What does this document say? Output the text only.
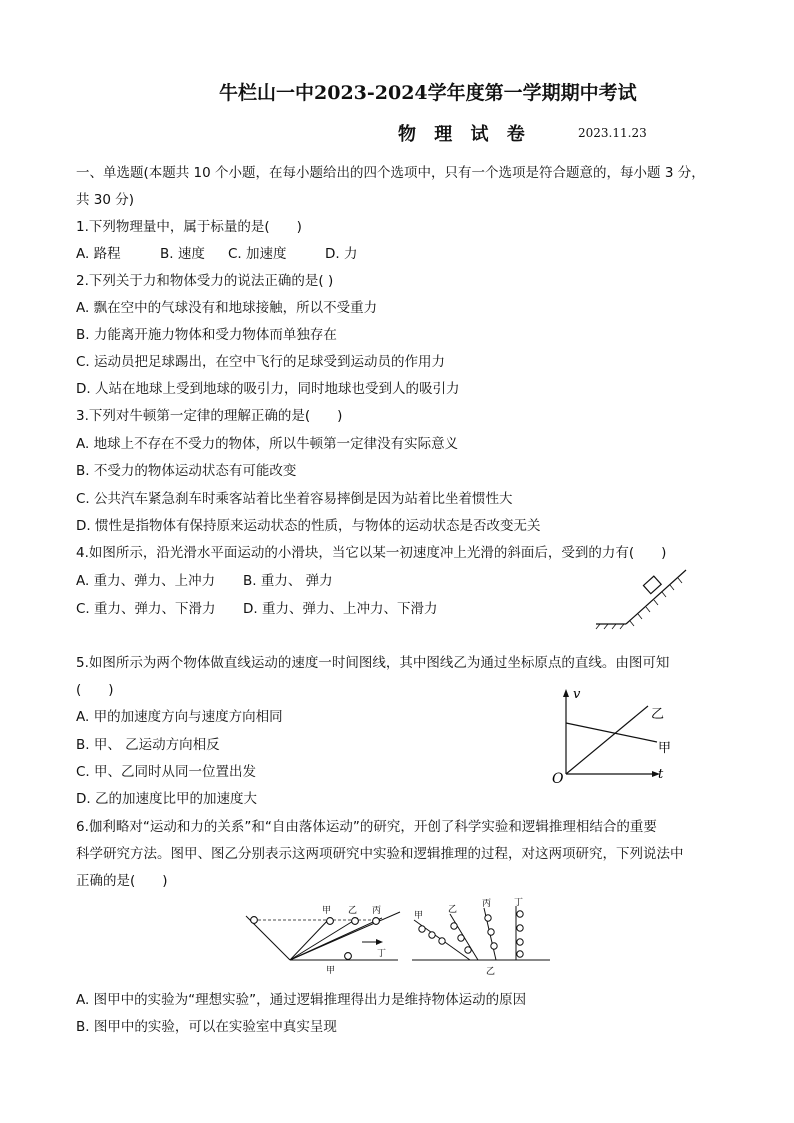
牛栏山一中2023-2024学年度第一学期期中考试
物 理 试 卷	2023.11.23
一、单选题(本题共 10 个小题，在每小题给出的四个选项中，只有一个选项是符合题意的，每小题 3 分，
共 30 分)
1.下列物理量中，属于标量的是(　　)
A. 路程	B. 速度 C. 加速度	D. 力
2.下列关于力和物体受力的说法正确的是( )
A. 飘在空中的气球没有和地球接触，所以不受重力
B. 力能离开施力物体和受力物体而单独存在
C. 运动员把足球踢出，在空中飞行的足球受到运动员的作用力
D. 人站在地球上受到地球的吸引力，同时地球也受到人的吸引力
3.下列对牛顿第一定律的理解正确的是(　　)
A. 地球上不存在不受力的物体，所以牛顿第一定律没有实际意义
B. 不受力的物体运动状态有可能改变
C. 公共汽车紧急刹车时乘客站着比坐着容易摔倒是因为站着比坐着惯性大
D. 惯性是指物体有保持原来运动状态的性质，与物体的运动状态是否改变无关
4.如图所示，沿光滑水平面运动的小滑块，当它以某一初速度冲上光滑的斜面后，受到的力有(　　)
A. 重力、弹力、上冲力 B. 重力、 弹力
C. 重力、弹力、下滑力 D. 重力、弹力、上冲力、下滑力
5.如图所示为两个物体做直线运动的速度一时间图线，其中图线乙为通过坐标原点的直线。由图可知
(　　)
A. 甲的加速度方向与速度方向相同
B. 甲、 乙运动方向相反
C. 甲、乙同时从同一位置出发
D. 乙的加速度比甲的加速度大
v
t
O
乙
甲
6.伽利略对“运动和力的关系”和“自由落体运动”的研究，开创了科学实验和逻辑推理相结合的重要
科学研究方法。图甲、图乙分别表示这两项研究中实验和逻辑推理的过程，对这两项研究，下列说法中
正确的是(　　)
甲 乙 丙
丁
甲
甲
乙
丙	丁
乙
A. 图甲中的实验为“理想实验”，通过逻辑推理得出力是维持物体运动的原因
B. 图甲中的实验，可以在实验室中真实呈现
